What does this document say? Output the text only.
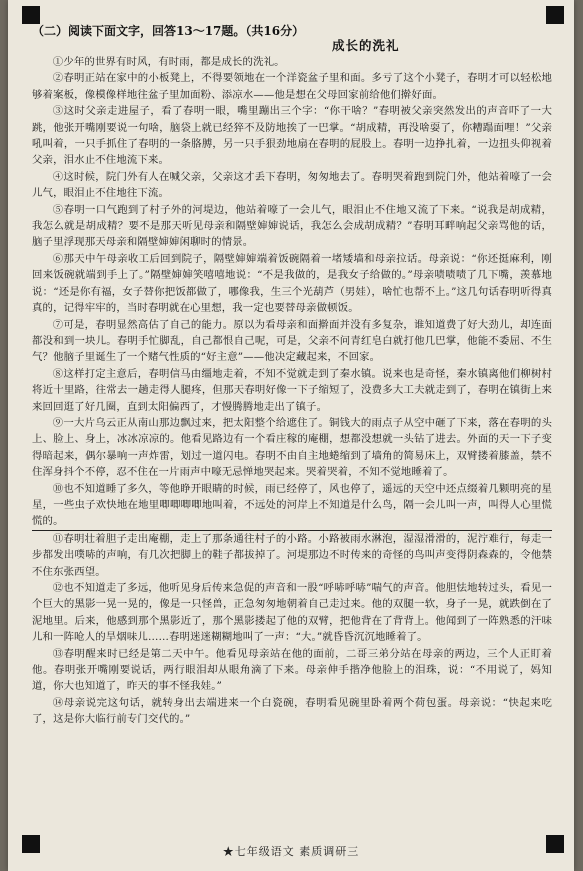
（二）阅读下面文字，回答13～17题。（共16分）
成长的洗礼

①少年的世界有时风，有时雨，都是成长的洗礼。

②春明正站在家中的小板凳上，不得要领地在一个洋瓷盆子里和面。多亏了这个小凳子，春明才可以轻松地够着案板，像模像样地往盆子里加面粉、添凉水——他是想在父母回家前给他们擀好面。

③这时父亲走进屋子，看了春明一眼，嘴里蹦出三个字：“你干啥？”春明被父亲突然发出的声音吓了一大跳，他张开嘴刚要说一句啥，脑袋上就已经猝不及防地挨了一巴掌。“胡成精，再没啥耍了，你糟蹋面哩！”父亲吼叫着，一只手抓住了春明的一条胳膊，另一只手狠劲地扇在春明的屁股上。春明一边挣扎着，一边扭头仰视着父亲，泪水止不住地流下来。

④这时候，院门外有人在喊父亲，父亲这才丢下春明，匆匆地去了。春明哭着跑到院门外，他站着嚎了一会儿气，眼泪止不住地往下流。

⑤春明一口气跑到了村子外的河堤边，他站着嚎了一会儿气，眼泪止不住地又流了下来。“说我是胡成精，我怎么就是胡成精？要不是那天听见母亲和隔壁婶婶说话，我怎么会成胡成精？”春明耳畔响起父亲骂他的话，脑子里浮现那天母亲和隔壁婶婶闲聊时的情景。

⑥那天中午母亲收工后回到院子，隔壁婶婶端着饭碗隔着一堵矮墙和母亲拉话。母亲说：“你还挺麻利，刚回来饭碗就端到手上了。”隔壁婶婶笑嘻嘻地说：“不是我做的，是我女子给做的。”母亲啧啧啧了几下嘴，羡慕地说：“还是你有福，女子替你把饭都做了，哪像我，生三个光葫芦（男娃），啥忙也帮不上。”这几句话春明听得真真的，记得牢牢的，当时春明就在心里想，我一定也要替母亲做顿饭。

⑦可是，春明显然高估了自己的能力。原以为看母亲和面擀面并没有多复杂，谁知道费了好大劲儿，却连面都没和到一块儿。春明手忙脚乱，自己都恨自己呢，可是，父亲不问青红皂白就打他几巴掌，他能不委屈、不生气？他脑子里诞生了一个赌气性质的“好主意”——他决定藏起来，不回家。

⑧这样打定主意后，春明信马由缰地走着，不知不觉就走到了秦水镇。说来也是奇怪，秦水镇离他们柳树村将近十里路，往常去一趟走得人腿疼，但那天春明好像一下子缩短了，没费多大工夫就走到了，春明在镇街上来来回回逛了好几圈，直到太阳偏西了，才慢腾腾地走出了镇子。

⑨一大片乌云正从南山那边飘过来，把太阳整个给遮住了。铜钱大的雨点子从空中砸了下来，落在春明的头上、脸上、身上，冰冰凉凉的。他看见路边有一个看庄稼的庵棚，想都没想就一头钻了进去。外面的天一下子变得暗起来，偶尔暴响一声炸雷，划过一道闪电。春明不由自主地蜷缩到了墙角的简易床上，双臂搂着膝盖，禁不住浑身抖个不停，忍不住在一片雨声中嚎无忌惮地哭起来。哭着哭着，不知不觉地睡着了。

⑩也不知道睡了多久，等他睁开眼睛的时候，雨已经停了，风也停了，遥远的天空中还点缀着几颗明亮的星星，一些虫子欢快地在地里唧唧唧唧地叫着，不远处的河岸上不知道是什么鸟，隔一会儿叫一声，叫得人心里慌慌的。

⑪春明壮着胆子走出庵棚，走上了那条通往村子的小路。小路被雨水淋泡，湿湿滑滑的，泥泞难行，每走一步都发出噗哧的声响，有几次把脚上的鞋子都拔掉了。河堤那边不时传来的奇怪的鸟叫声变得阴森森的，令他禁不住东张西望。

⑫也不知道走了多远，他听见身后传来急促的声音和一股“呼哧呼哧”喘气的声音。他胆怯地转过头，看见一个巨大的黑影一晃一晃的，像是一只怪兽，正急匆匆地朝着自己走过来。他的双腿一软，身子一晃，就跌倒在了泥地里。后来，他感到那个黑影近了，那个黑影搂起了他的双臂，把他背在了背背上。他闻到了一阵熟悉的汗味儿和一阵呛人的旱烟味儿……春明迷迷糊糊地叫了一声：“大。”就昏昏沉沉地睡着了。

⑬春明醒来时已经是第二天中午。他看见母亲站在他的面前，二哥三弟分站在母亲的两边，三个人正盯着他。春明张开嘴刚要说话，两行眼泪却从眼角滴了下来。母亲伸手揩净他脸上的泪珠，说：“不用说了，妈知道，你大也知道了，昨天的事不怪我娃。”

⑭母亲说完这句话，就转身出去端进来一个白瓷碗，春明看见碗里卧着两个荷包蛋。母亲说：“快起来吃了，这是你大临行前专门交代的。”

★七年级语文 素质调研三
